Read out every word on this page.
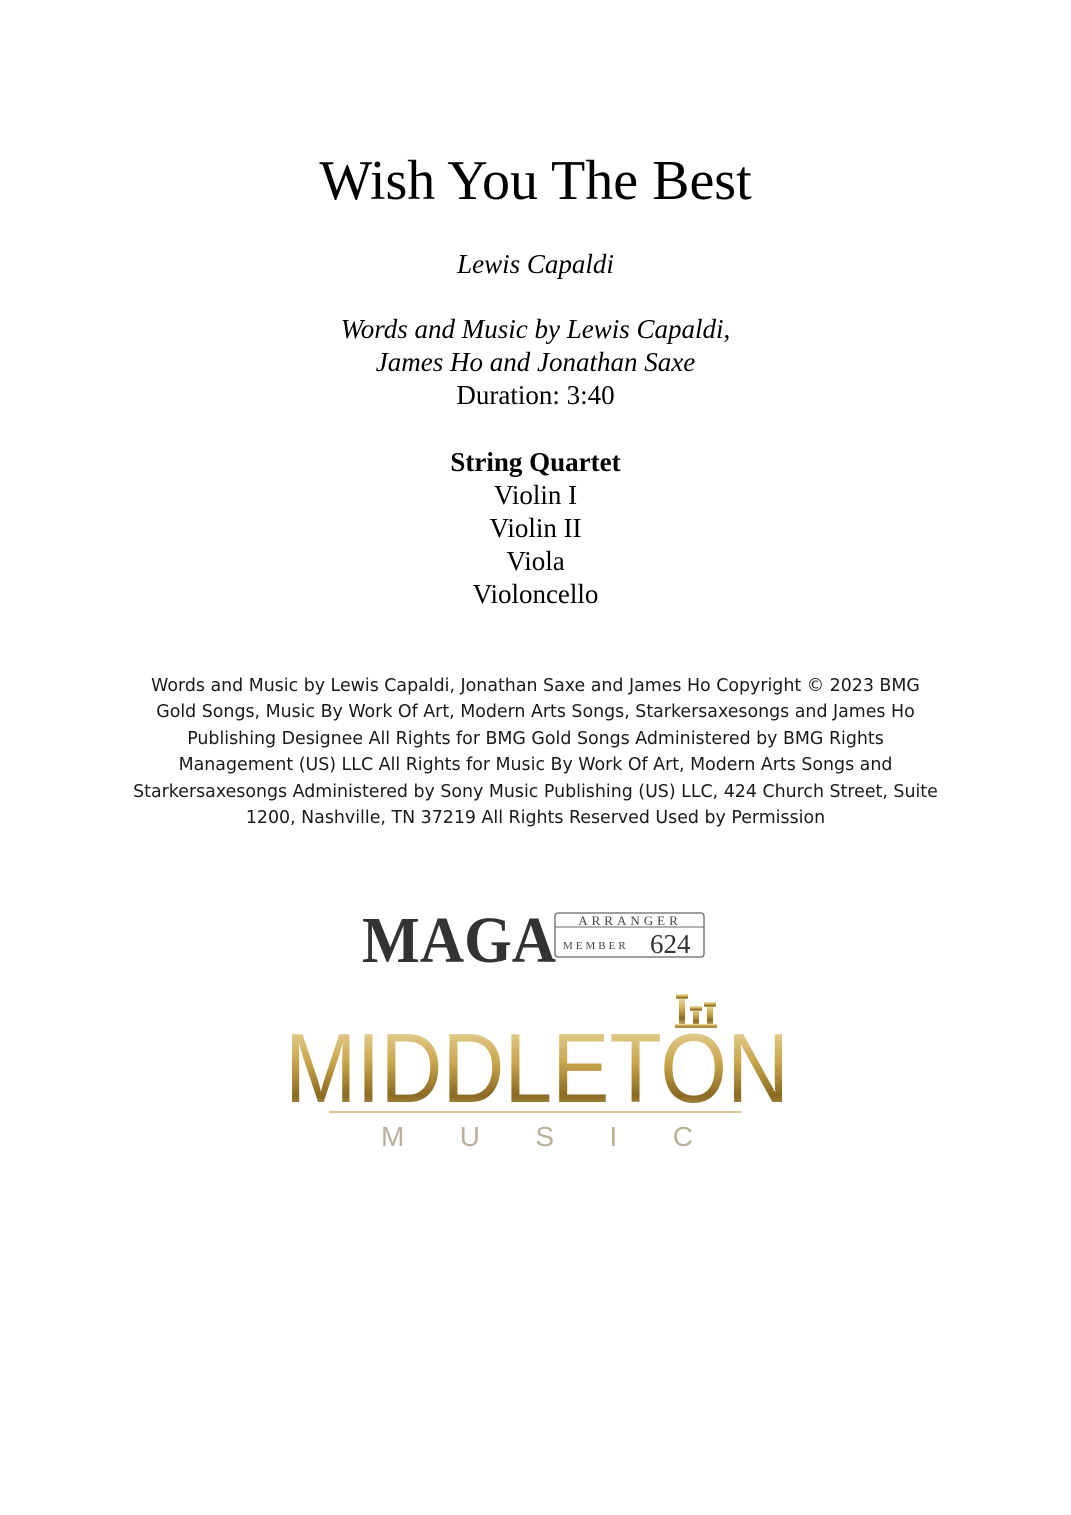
Wish You The Best
Lewis Capaldi
Words and Music by Lewis Capaldi,
James Ho and Jonathan Saxe
Duration: 3:40
String Quartet
Violin I
Violin II
Viola
Violoncello
Words and Music by Lewis Capaldi, Jonathan Saxe and James Ho Copyright © 2023 BMG
Gold Songs, Music By Work Of Art, Modern Arts Songs, Starkersaxesongs and James Ho
Publishing Designee All Rights for BMG Gold Songs Administered by BMG Rights
Management (US) LLC All Rights for Music By Work Of Art, Modern Arts Songs and
Starkersaxesongs Administered by Sony Music Publishing (US) LLC, 424 Church Street, Suite
1200, Nashville, TN 37219 All Rights Reserved Used by Permission
MAGA ARRANGER
MEMBER 624
MIDDLETON
MUSIC
